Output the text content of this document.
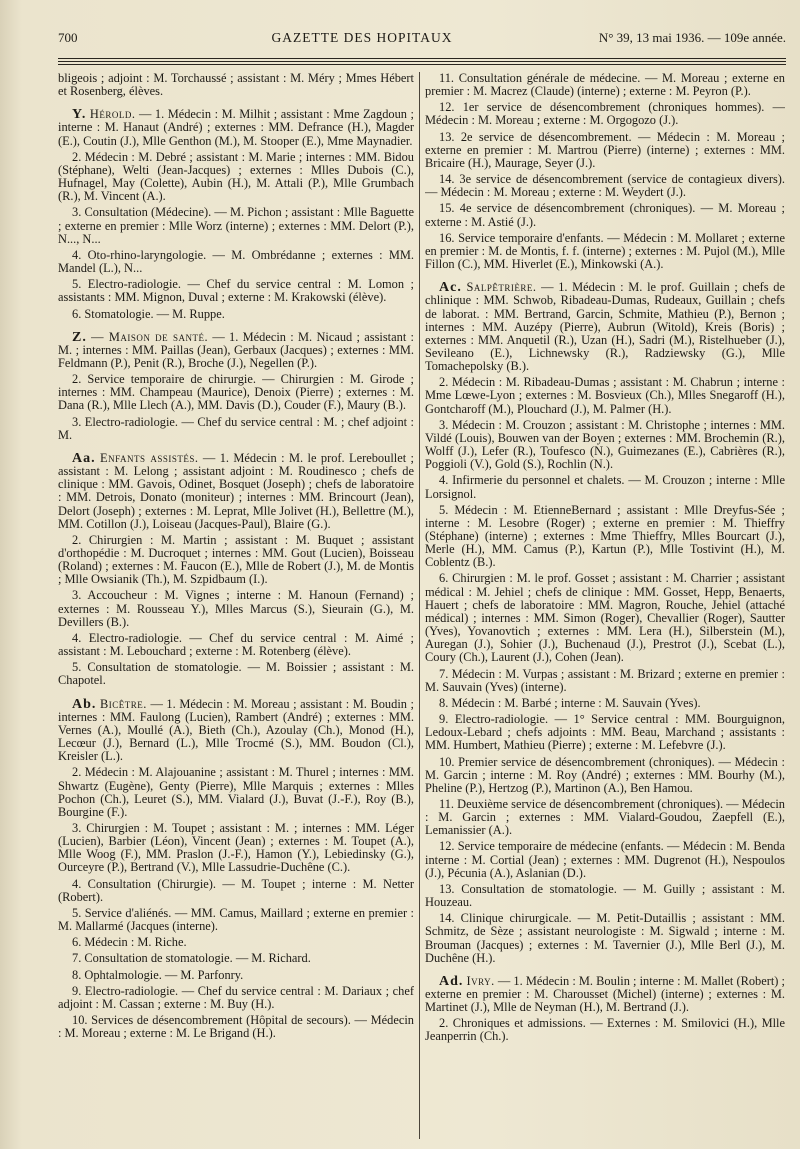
700	GAZETTE DES HOPITAUX	N° 39, 13 mai 1936. — 109e année.

bligeois ; adjoint : M. Torchaussé ; assistant : M. Méry ; Mmes Hébert et Rosenberg, élèves.

Y. Hérold. — 1. Médecin : M. Milhit ; assistant : Mme Zagdoun ; interne : M. Hanaut (André) ; externes : MM. Defrance (H.), Magder (E.), Coutin (J.), Mlle Genthon (M.), M. Stooper (E.), Mme Maynadier.

2. Médecin : M. Debré ; assistant : M. Marie ; internes : MM. Bidou (Stéphane), Welti (Jean-Jacques) ; externes : Mlles Dubois (C.), Hufnagel, May (Colette), Aubin (H.), M. Attali (P.), Mlle Grumbach (R.), M. Vincent (A.).

3. Consultation (Médecine). — M. Pichon ; assistant : Mlle Baguette ; externe en premier : Mlle Worz (interne) ; externes : MM. Delort (P.), N..., N...

4. Oto-rhino-laryngologie. — M. Ombrédanne ; externes : MM. Mandel (L.), N...

5. Electro-radiologie. — Chef du service central : M. Lomon ; assistants : MM. Mignon, Duval ; externe : M. Krakowski (élève).

6. Stomatologie. — M. Ruppe.

Z. — Maison de santé. — 1. Médecin : M. Nicaud ; assistant : M. ; internes : MM. Paillas (Jean), Gerbaux (Jacques) ; externes : MM. Feldmann (P.), Penit (R.), Broche (J.), Negellen (P.).

2. Service temporaire de chirurgie. — Chirurgien : M. Girode ; internes : MM. Champeau (Maurice), Denoix (Pierre) ; externes : M. Dana (R.), Mlle Llech (A.), MM. Davis (D.), Couder (F.), Maury (B.).

3. Electro-radiologie. — Chef du service central : M. ; chef adjoint : M.

Aa. Enfants assistés. — 1. Médecin : M. le prof. Lereboullet ; assistant : M. Lelong ; assistant adjoint : M. Roudinesco ; chefs de clinique : MM. Gavois, Odinet, Bosquet (Joseph) ; chefs de laboratoire : MM. Detrois, Donato (moniteur) ; internes : MM. Brincourt (Jean), Delort (Joseph) ; externes : M. Leprat, Mlle Jolivet (H.), Bellettre (M.), MM. Cotillon (J.), Loiseau (Jacques-Paul), Blaire (G.).

2. Chirurgien : M. Martin ; assistant : M. Buquet ; assistant d'orthopédie : M. Ducroquet ; internes : MM. Gout (Lucien), Boisseau (Roland) ; externes : M. Faucon (E.), Mlle de Robert (J.), M. de Montis ; Mlle Owsianik (Th.), M. Szpidbaum (I.).

3. Accoucheur : M. Vignes ; interne : M. Hanoun (Fernand) ; externes : M. Rousseau Y.), Mlles Marcus (S.), Sieurain (G.), M. Devillers (B.).

4. Electro-radiologie. — Chef du service central : M. Aimé ; assistant : M. Lebouchard ; externe : M. Rotenberg (élève).

5. Consultation de stomatologie. — M. Boissier ; assistant : M. Chapotel.

Ab. Bicêtre. — 1. Médecin : M. Moreau ; assistant : M. Boudin ; internes : MM. Faulong (Lucien), Rambert (André) ; externes : MM. Vernes (A.), Moullé (A.), Bieth (Ch.), Azoulay (Ch.), Monod (H.), Lecœur (J.), Bernard (L.), Mlle Trocmé (S.), MM. Boudon (Cl.), Kreisler (L.).

2. Médecin : M. Alajouanine ; assistant : M. Thurel ; internes : MM. Shwartz (Eugène), Genty (Pierre), Mlle Marquis ; externes : Mlles Pochon (Ch.), Leuret (S.), MM. Vialard (J.), Buvat (J.-F.), Roy (B.), Bourgine (F.).

3. Chirurgien : M. Toupet ; assistant : M. ; internes : MM. Léger (Lucien), Barbier (Léon), Vincent (Jean) ; externes : M. Toupet (A.), Mlle Woog (F.), MM. Praslon (J.-F.), Hamon (Y.), Lebiedinsky (G.), Ourceyre (P.), Bertrand (V.), Mlle Lassudrie-Duchêne (C.).

4. Consultation (Chirurgie). — M. Toupet ; interne : M. Netter (Robert).

5. Service d'aliénés. — MM. Camus, Maillard ; externe en premier : M. Mallarmé (Jacques (interne).

6. Médecin : M. Riche.

7. Consultation de stomatologie. — M. Richard.

8. Ophtalmologie. — M. Parfonry.

9. Electro-radiologie. — Chef du service central : M. Dariaux ; chef adjoint : M. Cassan ; externe : M. Buy (H.).

10. Services de désencombrement (Hôpital de secours). — Médecin : M. Moreau ; externe : M. Le Brigand (H.).

11. Consultation générale de médecine. — M. Moreau ; externe en premier : M. Macrez (Claude) (interne) ; externe : M. Peyron (P.).

12. 1er service de désencombrement (chroniques hommes). — Médecin : M. Moreau ; externe : M. Orgogozo (J.).

13. 2e service de désencombrement. — Médecin : M. Moreau ; externe en premier : M. Martrou (Pierre) (interne) ; externes : MM. Bricaire (H.), Maurage, Seyer (J.).

14. 3e service de désencombrement (service de contagieux divers). — Médecin : M. Moreau ; externe : M. Weydert (J.).

15. 4e service de désencombrement (chroniques). — M. Moreau ; externe : M. Astié (J.).

16. Service temporaire d'enfants. — Médecin : M. Mollaret ; externe en premier : M. de Montis, f. f. (interne) ; externes : M. Pujol (M.), Mlle Fillon (C.), MM. Hiverlet (E.), Minkowski (A.).

Ac. Salpêtrière. — 1. Médecin : M. le prof. Guillain ; chefs de chlinique : MM. Schwob, Ribadeau-Dumas, Rudeaux, Guillain ; chefs de laborat. : MM. Bertrand, Garcin, Schmite, Mathieu (P.), Bernon ; internes : MM. Auzépy (Pierre), Aubrun (Witold), Kreis (Boris) ; externes : MM. Anquetil (R.), Uzan (H.), Sadri (M.), Ristelhueber (J.), Sevileano (E.), Lichnewsky (R.), Radziewsky (G.), Mlle Tomachepolsky (B.).

2. Médecin : M. Ribadeau-Dumas ; assistant : M. Chabrun ; interne : Mme Lœwe-Lyon ; externes : M. Bosvieux (Ch.), Mlles Snegaroff (H.), Gontcharoff (M.), Plouchard (J.), M. Palmer (H.).

3. Médecin : M. Crouzon ; assistant : M. Christophe ; internes : MM. Vildé (Louis), Bouwen van der Boyen ; externes : MM. Brochemin (R.), Wolff (J.), Lefer (R.), Toufesco (N.), Guimezanes (E.), Cabrières (R.), Poggioli (V.), Gold (S.), Rochlin (N.).

4. Infirmerie du personnel et chalets. — M. Crouzon ; interne : Mlle Lorsignol.

5. Médecin : M. EtienneBernard ; assistant : Mlle Dreyfus-Sée ; interne : M. Lesobre (Roger) ; externe en premier : M. Thieffry (Stéphane) (interne) ; externes : Mme Thieffry, Mlles Bourcart (J.), Merle (H.), MM. Camus (P.), Kartun (P.), Mlle Tostivint (H.), M. Coblentz (B.).

6. Chirurgien : M. le prof. Gosset ; assistant : M. Charrier ; assistant médical : M. Jehiel ; chefs de clinique : MM. Gosset, Hepp, Benaerts, Hauert ; chefs de laboratoire : MM. Magron, Rouche, Jehiel (attaché médical) ; internes : MM. Simon (Roger), Chevallier (Roger), Sautter (Yves), Yovanovtich ; externes : MM. Lera (H.), Silberstein (M.), Auregan (J.), Sohier (J.), Buchenaud (J.), Prestrot (J.), Scebat (L.), Coury (Ch.), Laurent (J.), Cohen (Jean).

7. Médecin : M. Vurpas ; assistant : M. Brizard ; externe en premier : M. Sauvain (Yves) (interne).

8. Médecin : M. Barbé ; interne : M. Sauvain (Yves).

9. Electro-radiologie. — 1° Service central : MM. Bourguignon, Ledoux-Lebard ; chefs adjoints : MM. Beau, Marchand ; assistants : MM. Humbert, Mathieu (Pierre) ; externe : M. Lefebvre (J.).

10. Premier service de désencombrement (chroniques). — Médecin : M. Garcin ; interne : M. Roy (André) ; externes : MM. Bourhy (M.), Pheline (P.), Hertzog (P.), Martinon (A.), Ben Hamou.

11. Deuxième service de désencombrement (chroniques). — Médecin : M. Garcin ; externes : MM. Vialard-Goudou, Zaepfell (E.), Lemanissier (A.).

12. Service temporaire de médecine (enfants. — Médecin : M. Benda interne : M. Cortial (Jean) ; externes : MM. Dugrenot (H.), Nespoulos (J.), Pécunia (A.), Aslanian (D.).

13. Consultation de stomatologie. — M. Guilly ; assistant : M. Houzeau.

14. Clinique chirurgicale. — M. Petit-Dutaillis ; assistant : MM. Schmitz, de Sèze ; assistant neurologiste : M. Sigwald ; interne : M. Brouman (Jacques) ; externes : M. Tavernier (J.), Mlle Berl (J.), M. Duchêne (H.).

Ad. Ivry. — 1. Médecin : M. Boulin ; interne : M. Mallet (Robert) ; externe en premier : M. Charousset (Michel) (interne) ; externes : M. Martinet (J.), Mlle de Neyman (H.), M. Bertrand (J.).

2. Chroniques et admissions. — Externes : M. Smilovici (H.), Mlle Jeanperrin (Ch.).
